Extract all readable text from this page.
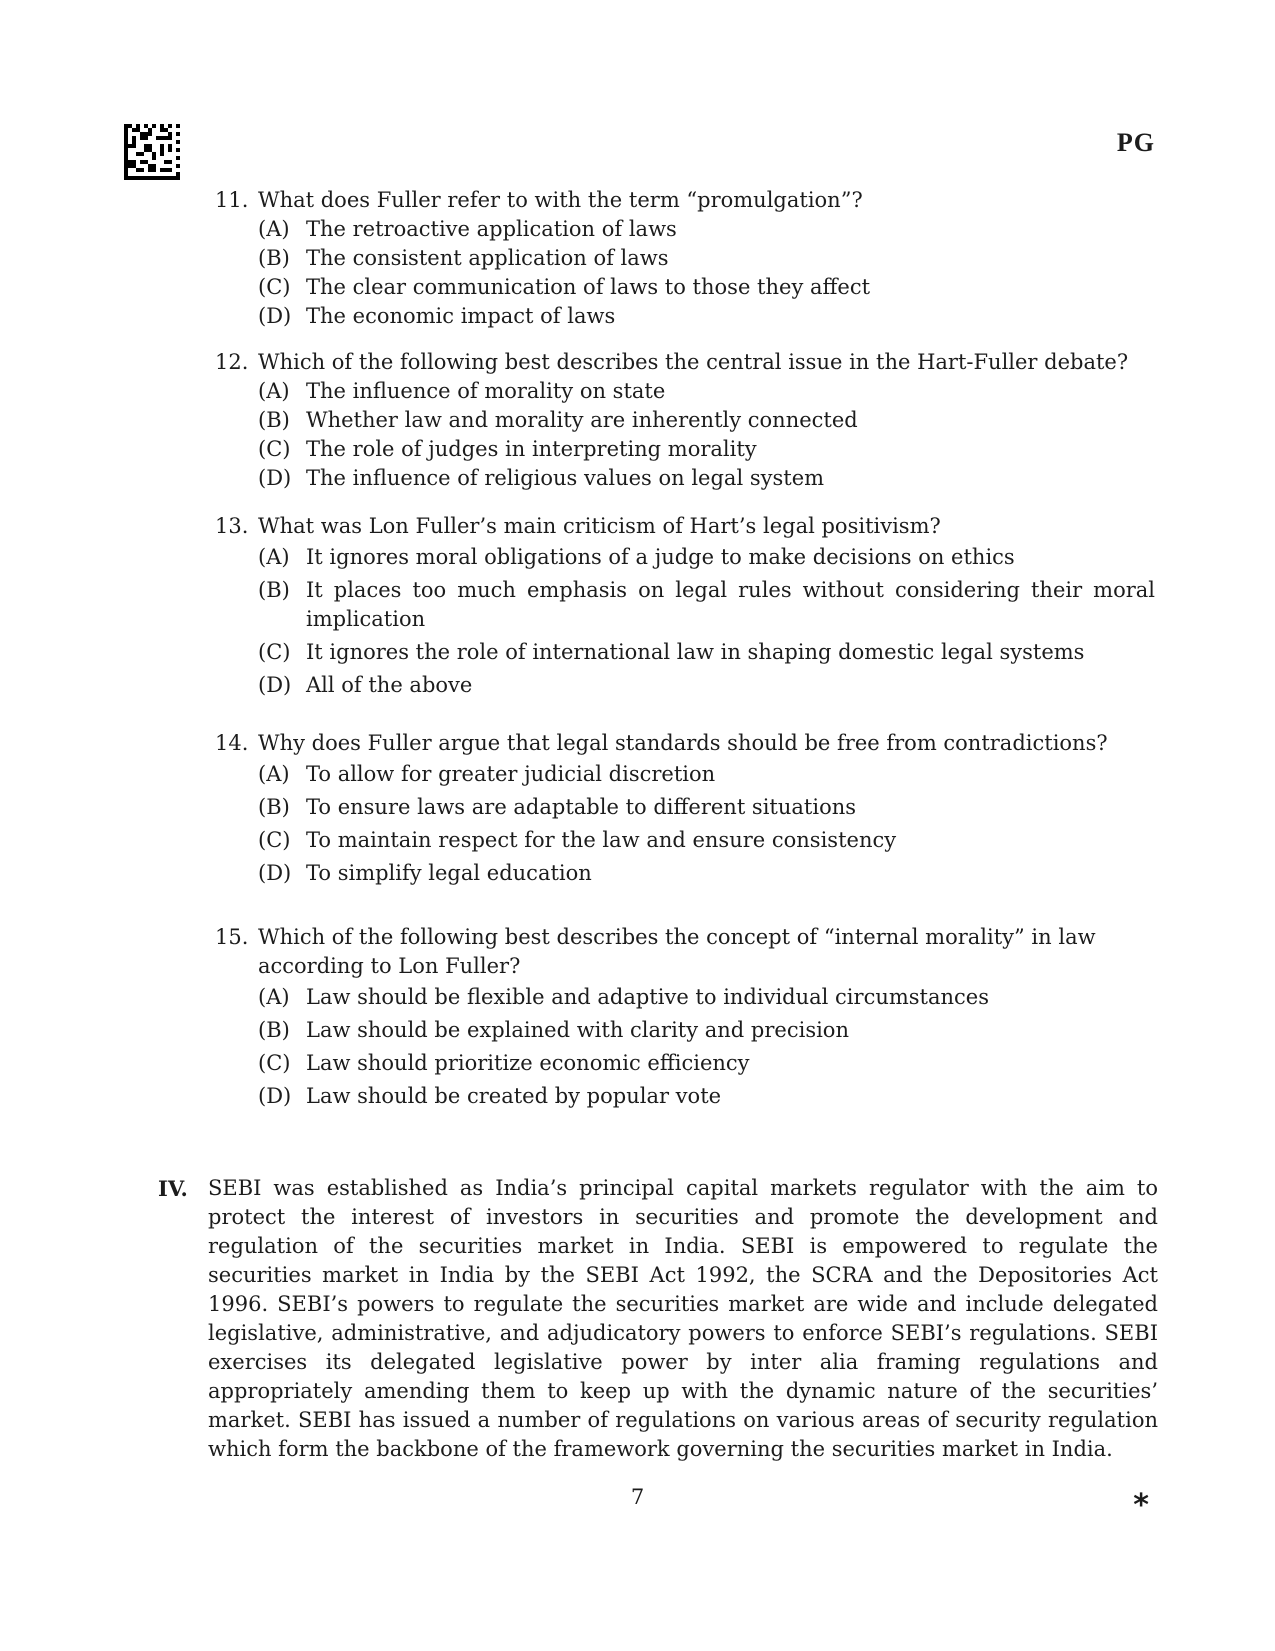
PG
11. What does Fuller refer to with the term “promulgation”?
(A) The retroactive application of laws
(B) The consistent application of laws
(C) The clear communication of laws to those they affect
(D) The economic impact of laws
12. Which of the following best describes the central issue in the Hart-Fuller debate?
(A) The influence of morality on state
(B) Whether law and morality are inherently connected
(C) The role of judges in interpreting morality
(D) The influence of religious values on legal system
13. What was Lon Fuller’s main criticism of Hart’s legal positivism?
(A) It ignores moral obligations of a judge to make decisions on ethics
(B) It places too much emphasis on legal rules without considering their moral implication
(C) It ignores the role of international law in shaping domestic legal systems
(D) All of the above
14. Why does Fuller argue that legal standards should be free from contradictions?
(A) To allow for greater judicial discretion
(B) To ensure laws are adaptable to different situations
(C) To maintain respect for the law and ensure consistency
(D) To simplify legal education
15. Which of the following best describes the concept of “internal morality” in law according to Lon Fuller?
(A) Law should be flexible and adaptive to individual circumstances
(B) Law should be explained with clarity and precision
(C) Law should prioritize economic efficiency
(D) Law should be created by popular vote
IV. SEBI was established as India’s principal capital markets regulator with the aim to protect the interest of investors in securities and promote the development and regulation of the securities market in India. SEBI is empowered to regulate the securities market in India by the SEBI Act 1992, the SCRA and the Depositories Act 1996. SEBI’s powers to regulate the securities market are wide and include delegated legislative, administrative, and adjudicatory powers to enforce SEBI’s regulations. SEBI exercises its delegated legislative power by inter alia framing regulations and appropriately amending them to keep up with the dynamic nature of the securities’ market. SEBI has issued a number of regulations on various areas of security regulation which form the backbone of the framework governing the securities market in India.
7	*
